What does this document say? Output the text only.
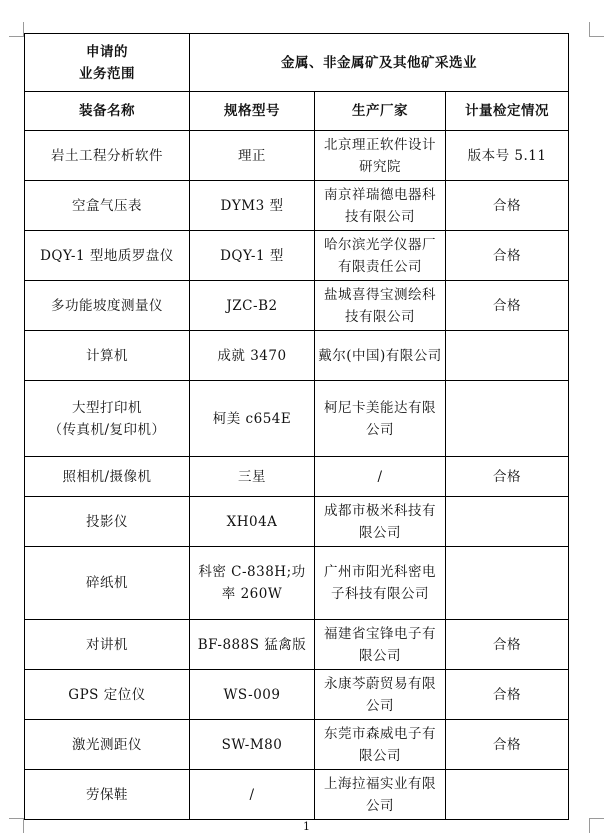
申请的
业务范围	金属、非金属矿及其他矿采选业		
装备名称	规格型号	生产厂家	计量检定情况
岩土工程分析软件	理正	北京理正软件设计研究院	版本号 5.11
空盒气压表	DYM3 型	南京祥瑞德电器科技有限公司	合格
DQY-1 型地质罗盘仪	DQY-1 型	哈尔滨光学仪器厂有限责任公司	合格
多功能坡度测量仪	JZC-B2	盐城喜得宝测绘科技有限公司	合格
计算机	成就 3470	戴尔(中国)有限公司	
大型打印机
（传真机/复印机）	柯美 c654E	柯尼卡美能达有限公司	
照相机/摄像机	三星	/	合格
投影仪	XH04A	成都市极米科技有限公司	
碎纸机	科密 C-838H;功率 260W	广州市阳光科密电子科技有限公司	
对讲机	BF-888S 猛禽版	福建省宝锋电子有限公司	合格
GPS 定位仪	WS-009	永康芩蔚贸易有限公司	合格
激光测距仪	SW-M80	东莞市森威电子有限公司	合格
劳保鞋	/	上海拉福实业有限公司	
1
